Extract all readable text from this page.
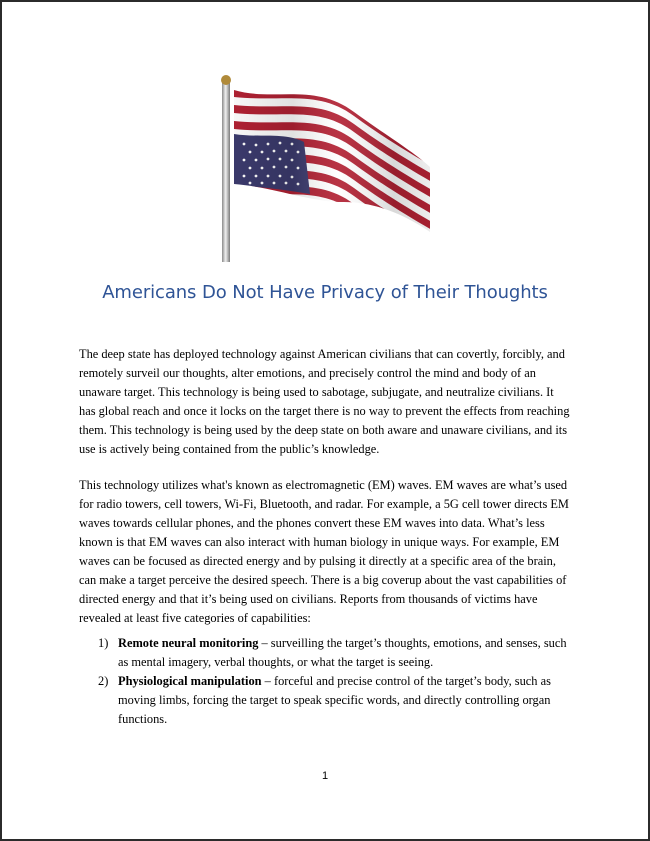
Americans Do Not Have Privacy of Their Thoughts

The deep state has deployed technology against American civilians that can covertly, forcibly, and remotely surveil our thoughts, alter emotions, and precisely control the mind and body of an unaware target. This technology is being used to sabotage, subjugate, and neutralize civilians. It has global reach and once it locks on the target there is no way to prevent the effects from reaching them. This technology is being used by the deep state on both aware and unaware civilians, and its use is actively being contained from the public’s knowledge.

This technology utilizes what's known as electromagnetic (EM) waves. EM waves are what’s used for radio towers, cell towers, Wi-Fi, Bluetooth, and radar. For example, a 5G cell tower directs EM waves towards cellular phones, and the phones convert these EM waves into data. What’s less known is that EM waves can also interact with human biology in unique ways. For example, EM waves can be focused as directed energy and by pulsing it directly at a specific area of the brain, can make a target perceive the desired speech. There is a big coverup about the vast capabilities of directed energy and that it’s being used on civilians. Reports from thousands of victims have revealed at least five categories of capabilities:

1) Remote neural monitoring – surveilling the target’s thoughts, emotions, and senses, such as mental imagery, verbal thoughts, or what the target is seeing.
2) Physiological manipulation – forceful and precise control of the target’s body, such as moving limbs, forcing the target to speak specific words, and directly controlling organ functions.
1
